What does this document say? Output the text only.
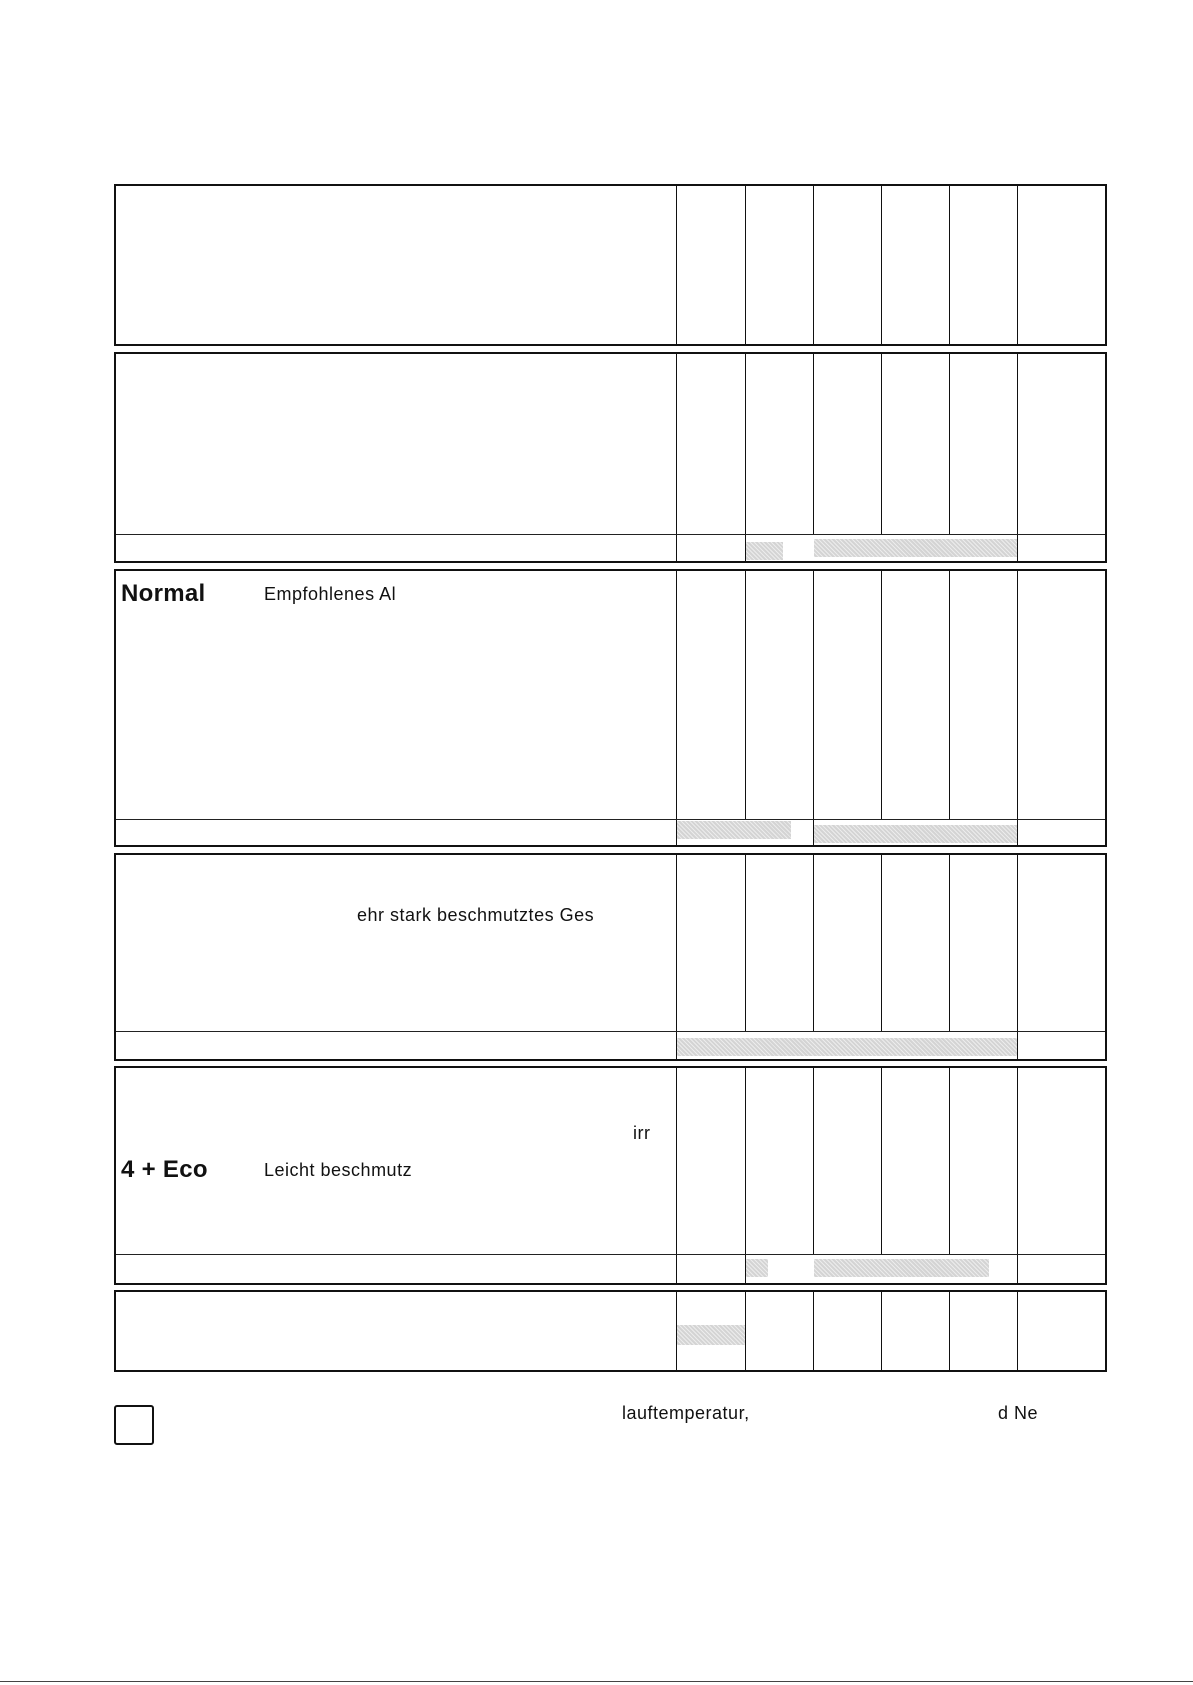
Normal	Empfohlenes Al
ehr stark beschmutztes Ges
irr
4 + Eco	Leicht beschmutz
lauftemperatur,	d Ne
